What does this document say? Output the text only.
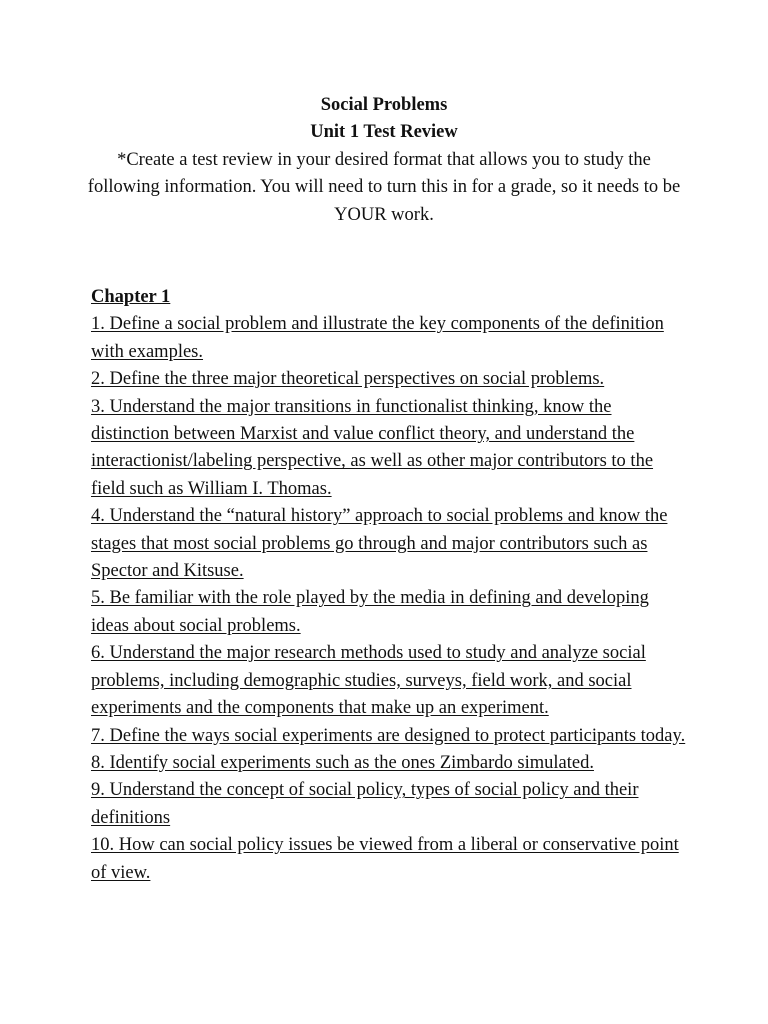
Social Problems
Unit 1 Test Review
*Create a test review in your desired format that allows you to study the following information. You will need to turn this in for a grade, so it needs to be YOUR work.
Chapter 1
1. Define a social problem and illustrate the key components of the definition with examples.
2. Define the three major theoretical perspectives on social problems.
3. Understand the major transitions in functionalist thinking, know the distinction between Marxist and value conflict theory, and understand the interactionist/labeling perspective, as well as other major contributors to the field such as William I. Thomas.
4. Understand the “natural history” approach to social problems and know the stages that most social problems go through and major contributors such as Spector and Kitsuse.
5. Be familiar with the role played by the media in defining and developing ideas about social problems.
6. Understand the major research methods used to study and analyze social problems, including demographic studies, surveys, field work, and social experiments and the components that make up an experiment.
7. Define the ways social experiments are designed to protect participants today.
8. Identify social experiments such as the ones Zimbardo simulated.
9. Understand the concept of social policy, types of social policy and their definitions
10. How can social policy issues be viewed from a liberal or conservative point of view.
